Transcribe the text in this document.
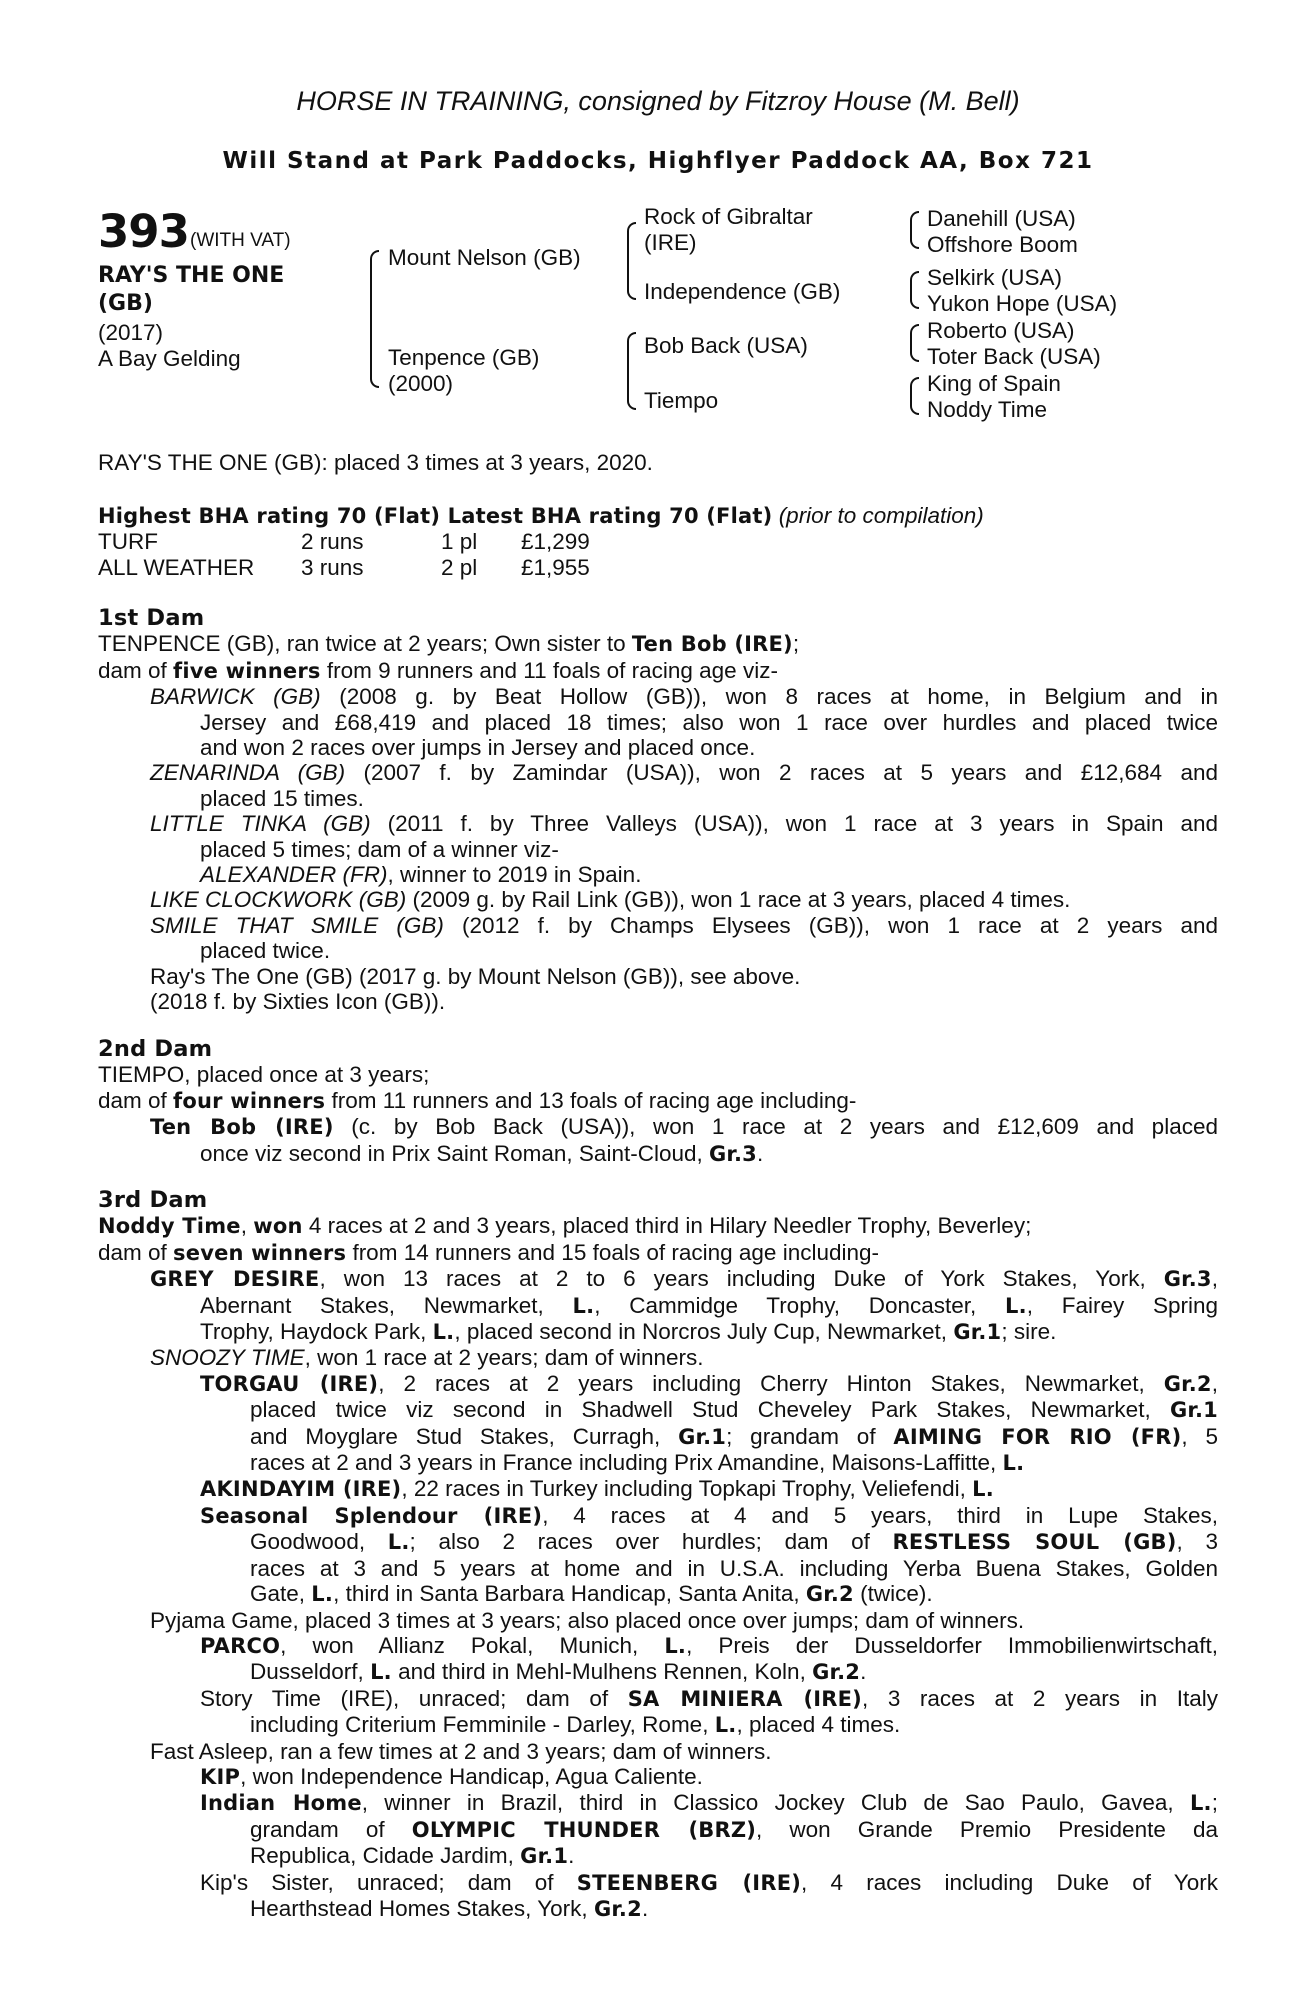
HORSE IN TRAINING, consigned by Fitzroy House (M. Bell)
Will Stand at Park Paddocks, Highflyer Paddock AA, Box 721
393 (WITH VAT)
RAY'S THE ONE
(GB)
(2017)
A Bay Gelding
Mount Nelson (GB)
Tenpence (GB)
(2000)
Rock of Gibraltar
(IRE)
Independence (GB)
Bob Back (USA)
Tiempo
Danehill (USA)
Offshore Boom
Selkirk (USA)
Yukon Hope (USA)
Roberto (USA)
Toter Back (USA)
King of Spain
Noddy Time
RAY'S THE ONE (GB): placed 3 times at 3 years, 2020.
Highest BHA rating 70 (Flat) Latest BHA rating 70 (Flat) (prior to compilation)
TURF	2 runs	1 pl	£1,299
ALL WEATHER	3 runs	2 pl	£1,955
1st Dam
TENPENCE (GB), ran twice at 2 years; Own sister to Ten Bob (IRE);
dam of five winners from 9 runners and 11 foals of racing age viz-
BARWICK (GB) (2008 g. by Beat Hollow (GB)), won 8 races at home, in Belgium and in
Jersey and £68,419 and placed 18 times; also won 1 race over hurdles and placed twice
and won 2 races over jumps in Jersey and placed once.
ZENARINDA (GB) (2007 f. by Zamindar (USA)), won 2 races at 5 years and £12,684 and
placed 15 times.
LITTLE TINKA (GB) (2011 f. by Three Valleys (USA)), won 1 race at 3 years in Spain and
placed 5 times; dam of a winner viz-
ALEXANDER (FR), winner to 2019 in Spain.
LIKE CLOCKWORK (GB) (2009 g. by Rail Link (GB)), won 1 race at 3 years, placed 4 times.
SMILE THAT SMILE (GB) (2012 f. by Champs Elysees (GB)), won 1 race at 2 years and
placed twice.
Ray's The One (GB) (2017 g. by Mount Nelson (GB)), see above.
(2018 f. by Sixties Icon (GB)).
2nd Dam
TIEMPO, placed once at 3 years;
dam of four winners from 11 runners and 13 foals of racing age including-
Ten Bob (IRE) (c. by Bob Back (USA)), won 1 race at 2 years and £12,609 and placed
once viz second in Prix Saint Roman, Saint-Cloud, Gr.3.
3rd Dam
Noddy Time, won 4 races at 2 and 3 years, placed third in Hilary Needler Trophy, Beverley;
dam of seven winners from 14 runners and 15 foals of racing age including-
GREY DESIRE, won 13 races at 2 to 6 years including Duke of York Stakes, York, Gr.3,
Abernant Stakes, Newmarket, L., Cammidge Trophy, Doncaster, L., Fairey Spring
Trophy, Haydock Park, L., placed second in Norcros July Cup, Newmarket, Gr.1; sire.
SNOOZY TIME, won 1 race at 2 years; dam of winners.
TORGAU (IRE), 2 races at 2 years including Cherry Hinton Stakes, Newmarket, Gr.2,
placed twice viz second in Shadwell Stud Cheveley Park Stakes, Newmarket, Gr.1
and Moyglare Stud Stakes, Curragh, Gr.1; grandam of AIMING FOR RIO (FR), 5
races at 2 and 3 years in France including Prix Amandine, Maisons-Laffitte, L.
AKINDAYIM (IRE), 22 races in Turkey including Topkapi Trophy, Veliefendi, L.
Seasonal Splendour (IRE), 4 races at 4 and 5 years, third in Lupe Stakes,
Goodwood, L.; also 2 races over hurdles; dam of RESTLESS SOUL (GB), 3
races at 3 and 5 years at home and in U.S.A. including Yerba Buena Stakes, Golden
Gate, L., third in Santa Barbara Handicap, Santa Anita, Gr.2 (twice).
Pyjama Game, placed 3 times at 3 years; also placed once over jumps; dam of winners.
PARCO, won Allianz Pokal, Munich, L., Preis der Dusseldorfer Immobilienwirtschaft,
Dusseldorf, L. and third in Mehl-Mulhens Rennen, Koln, Gr.2.
Story Time (IRE), unraced; dam of SA MINIERA (IRE), 3 races at 2 years in Italy
including Criterium Femminile - Darley, Rome, L., placed 4 times.
Fast Asleep, ran a few times at 2 and 3 years; dam of winners.
KIP, won Independence Handicap, Agua Caliente.
Indian Home, winner in Brazil, third in Classico Jockey Club de Sao Paulo, Gavea, L.;
grandam of OLYMPIC THUNDER (BRZ), won Grande Premio Presidente da
Republica, Cidade Jardim, Gr.1.
Kip's Sister, unraced; dam of STEENBERG (IRE), 4 races including Duke of York
Hearthstead Homes Stakes, York, Gr.2.
